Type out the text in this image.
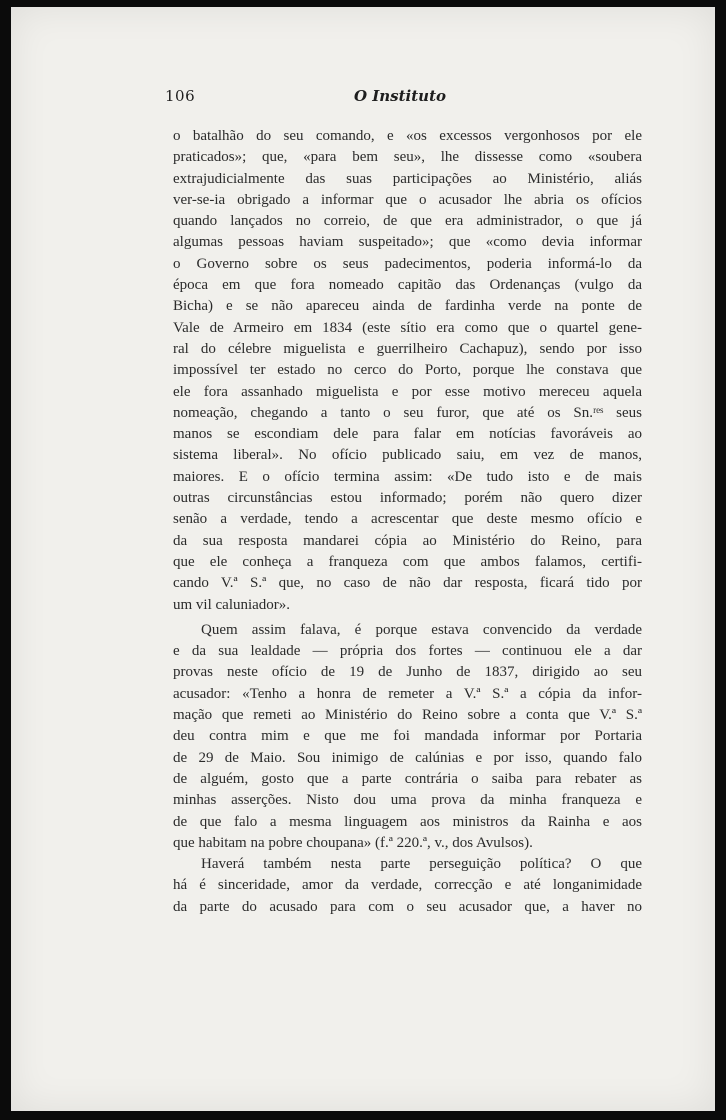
106	O Instituto
o batalhão do seu comando, e «os excessos vergonhosos por ele
praticados»; que, «para bem seu», lhe dissesse como «soubera
extrajudicialmente das suas participações ao Ministério, aliás
ver-se-ia obrigado a informar que o acusador lhe abria os ofícios
quando lançados no correio, de que era administrador, o que já
algumas pessoas haviam suspeitado»; que «como devia informar
o Governo sobre os seus padecimentos, poderia informá-lo da
época em que fora nomeado capitão das Ordenanças (vulgo da
Bicha) e se não apareceu ainda de fardinha verde na ponte de
Vale de Armeiro em 1834 (este sítio era como que o quartel gene-
ral do célebre miguelista e guerrilheiro Cachapuz), sendo por isso
impossível ter estado no cerco do Porto, porque lhe constava que
ele fora assanhado miguelista e por esse motivo mereceu aquela
nomeação, chegando a tanto o seu furor, que até os Sn.ʳᵉˢ seus
manos se escondiam dele para falar em notícias favoráveis ao
sistema liberal». No ofício publicado saiu, em vez de manos,
maiores. E o ofício termina assim: «De tudo isto e de mais
outras circunstâncias estou informado; porém não quero dizer
senão a verdade, tendo a acrescentar que deste mesmo ofício e
da sua resposta mandarei cópia ao Ministério do Reino, para
que ele conheça a franqueza com que ambos falamos, certifi-
cando V.ª S.ª que, no caso de não dar resposta, ficará tido por
um vil caluniador».
Quem assim falava, é porque estava convencido da verdade
e da sua lealdade — própria dos fortes — continuou ele a dar
provas neste ofício de 19 de Junho de 1837, dirigido ao seu
acusador: «Tenho a honra de remeter a V.ª S.ª a cópia da infor-
mação que remeti ao Ministério do Reino sobre a conta que V.ª S.ª
deu contra mim e que me foi mandada informar por Portaria
de 29 de Maio. Sou inimigo de calúnias e por isso, quando falo
de alguém, gosto que a parte contrária o saiba para rebater as
minhas asserções. Nisto dou uma prova da minha franqueza e
de que falo a mesma linguagem aos ministros da Rainha e aos
que habitam na pobre choupana» (f.ª 220.ª, v., dos Avulsos).
Haverá também nesta parte perseguição política? O que
há é sinceridade, amor da verdade, correcção e até longanimidade
da parte do acusado para com o seu acusador que, a haver no
